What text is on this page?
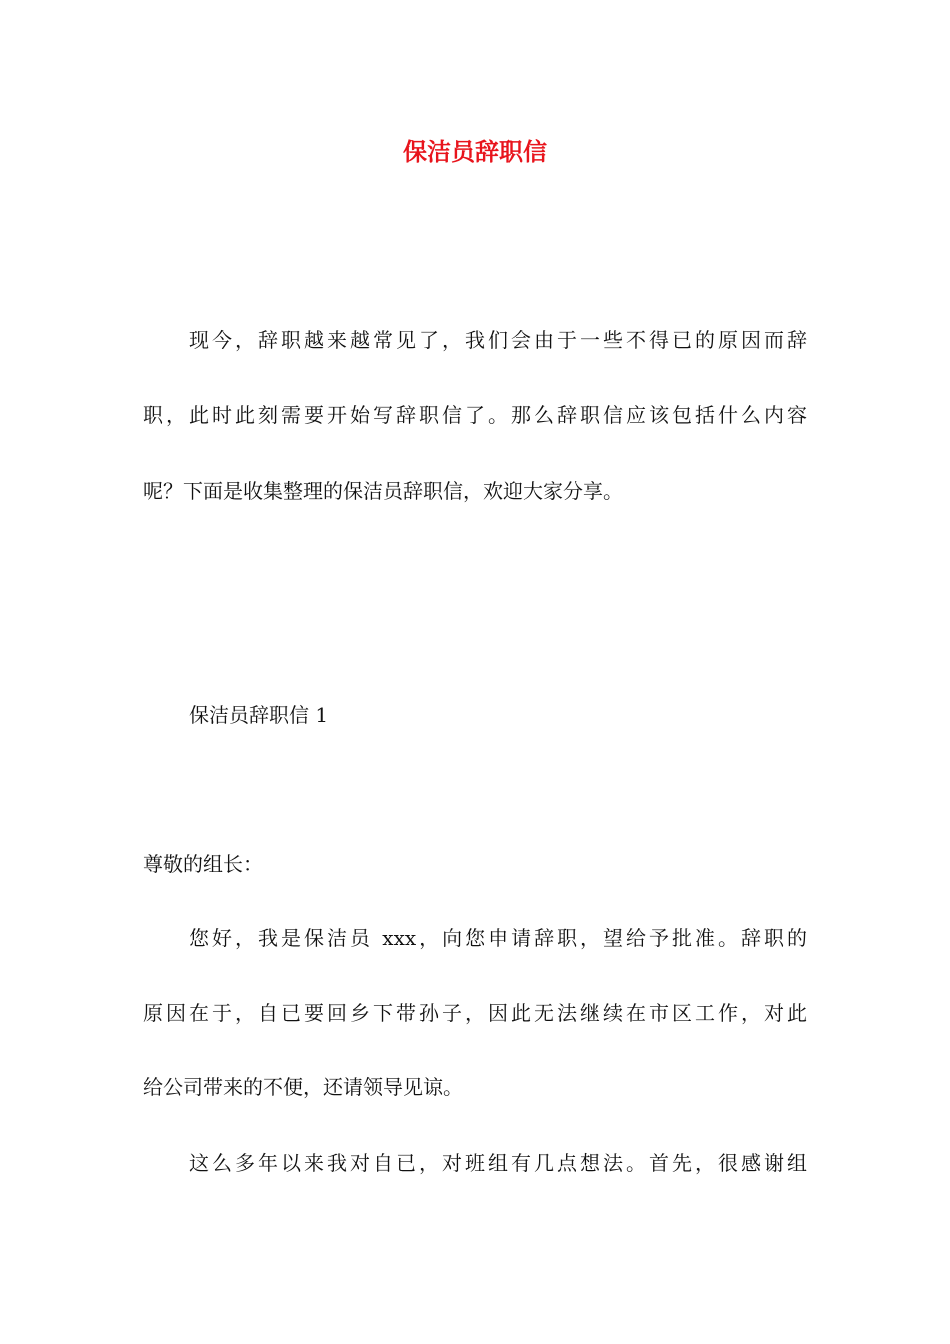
保洁员辞职信

现今，辞职越来越常见了，我们会由于一些不得已的原因而辞

职，此时此刻需要开始写辞职信了。那么辞职信应该包括什么内容

呢？下面是收集整理的保洁员辞职信，欢迎大家分享。

保洁员辞职信 1

尊敬的组长：

您好，我是保洁员 xxx，向您申请辞职，望给予批准。辞职的

原因在于，自已要回乡下带孙子，因此无法继续在市区工作，对此

给公司带来的不便，还请领导见谅。

这么多年以来我对自已，对班组有几点想法。首先，很感谢组
